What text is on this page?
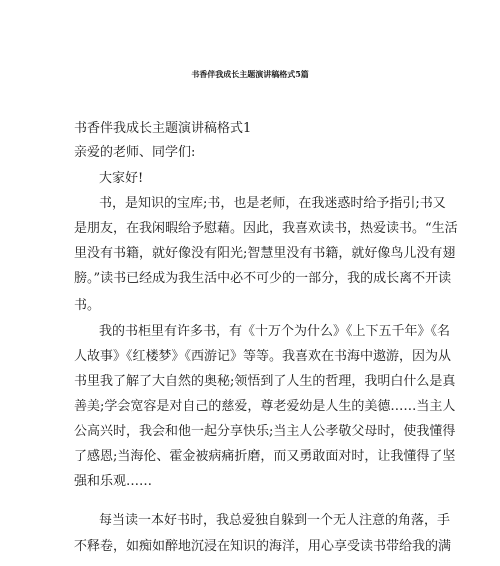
书香伴我成长主题演讲稿格式5篇
书香伴我成长主题演讲稿格式1
亲爱的老师、同学们:
大家好!
书，是知识的宝库;书，也是老师，在我迷惑时给予指引;书又
是朋友，在我闲暇给予慰藉。因此，我喜欢读书，热爱读书。“生活
里没有书籍，就好像没有阳光;智慧里没有书籍，就好像鸟儿没有翅
膀。”读书已经成为我生活中必不可少的一部分，我的成长离不开读
书。
我的书柜里有许多书，有《十万个为什么》《上下五千年》《名
人故事》《红楼梦》《西游记》等等。我喜欢在书海中遨游，因为从
书里我了解了大自然的奥秘;领悟到了人生的哲理，我明白什么是真
善美;学会宽容是对自己的慈爱，尊老爱幼是人生的美德……当主人
公高兴时，我会和他一起分享快乐;当主人公孝敬父母时，使我懂得
了感恩;当海伦、霍金被病痛折磨，而又勇敢面对时，让我懂得了坚
强和乐观……
每当读一本好书时，我总爱独自躲到一个无人注意的角落，手
不释卷，如痴如醉地沉浸在知识的海洋，用心享受读书带给我的满
